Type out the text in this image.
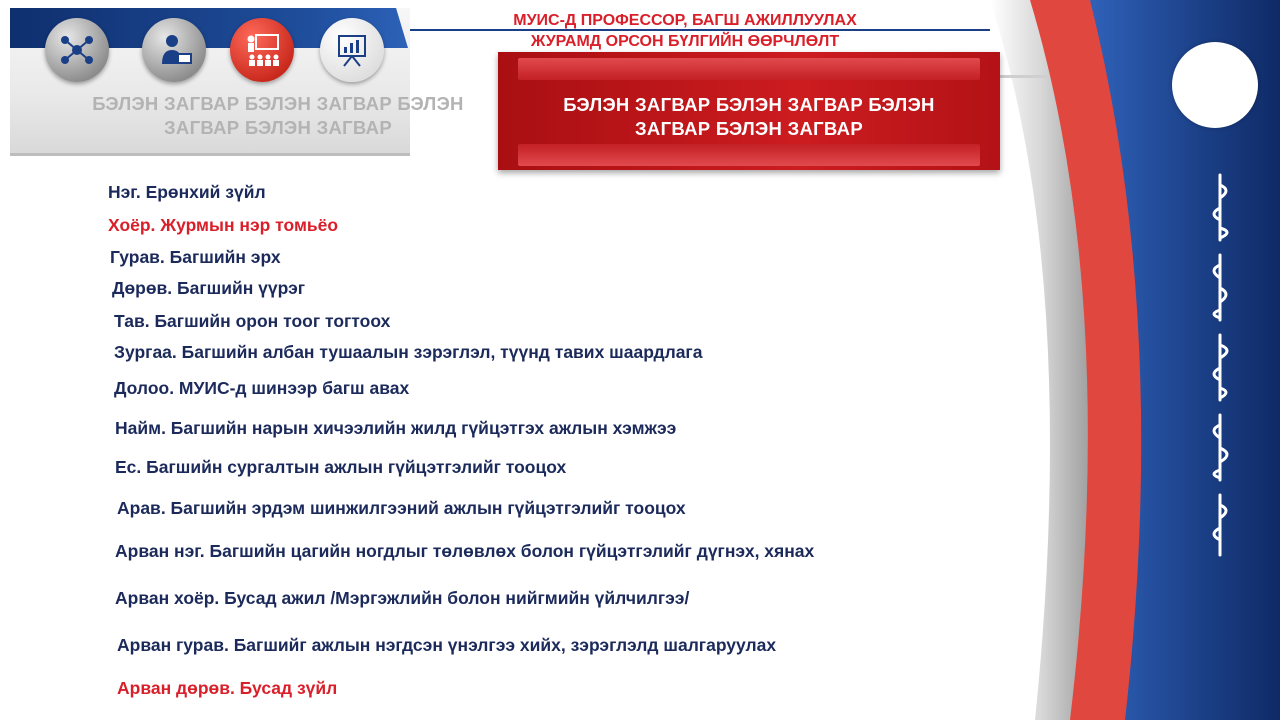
БЭЛЭН ЗАГВАР БЭЛЭН ЗАГВАР БЭЛЭН
ЗАГВАР БЭЛЭН ЗАГВАР
МУИС-Д ПРОФЕССОР, БАГШ АЖИЛЛУУЛАХ
ЖУРАМД ОРСОН БҮЛГИЙН ӨӨРЧЛӨЛТ
БЭЛЭН ЗАГВАР БЭЛЭН ЗАГВАР БЭЛЭН
ЗАГВАР БЭЛЭН ЗАГВАР
Нэг. Ерөнхий зүйл
Хоёр. Журмын нэр томьёо
Гурав. Багшийн эрх
Дөрөв. Багшийн үүрэг
Тав. Багшийн орон тоог тогтоох
Зургаа. Багшийн албан тушаалын зэрэглэл, түүнд тавих шаардлага
Долоо. МУИС-д шинээр багш авах
Найм. Багшийн нарын хичээлийн жилд гүйцэтгэх ажлын хэмжээ
Ес. Багшийн сургалтын ажлын гүйцэтгэлийг тооцох
Арав. Багшийн эрдэм шинжилгээний ажлын гүйцэтгэлийг тооцох
Арван нэг. Багшийн цагийн ногдлыг төлөвлөх болон гүйцэтгэлийг дүгнэх, хянах
Арван хоёр. Бусад ажил /Мэргэжлийн болон нийгмийн үйлчилгээ/
Арван гурав. Багшийг ажлын нэгдсэн үнэлгээ хийх, зэрэглэлд шалгаруулах
Арван дөрөв. Бусад зүйл
